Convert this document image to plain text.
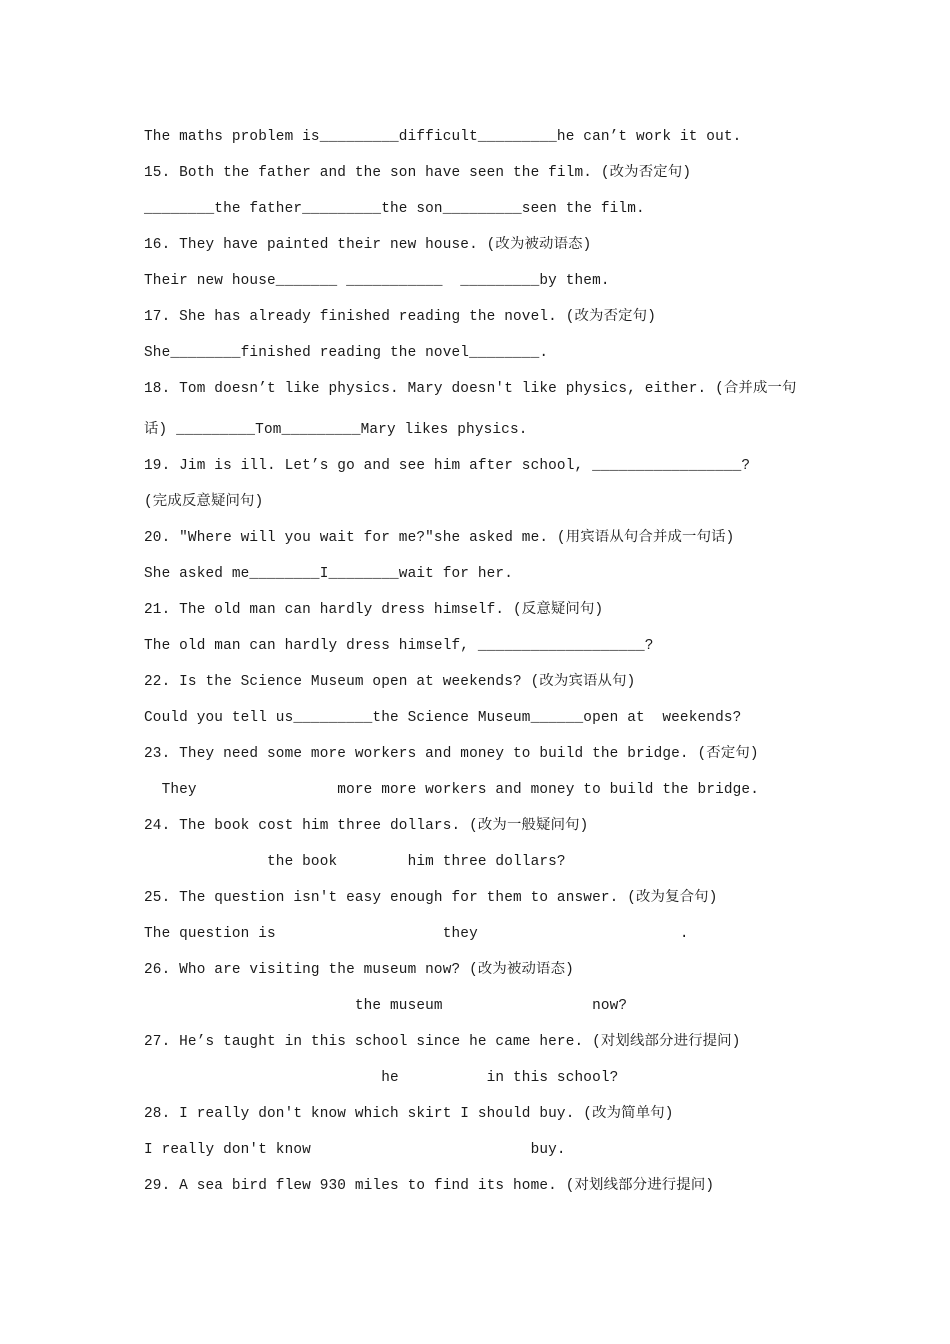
The maths problem is_________difficult_________he can’t work it out.
15. Both the father and the son have seen the film. (改为否定句)
________the father_________the son_________seen the film.
16. They have painted their new house. (改为被动语态)
Their new house_______ ___________  _________by them.
17. She has already finished reading the novel. (改为否定句)
She________finished reading the novel________.
18. Tom doesn’t like physics. Mary doesn't like physics, either. (合并成一句
话) _________Tom_________Mary likes physics.
19. Jim is ill. Let’s go and see him after school, _________________?
(完成反意疑问句)
20. "Where will you wait for me?"she asked me. (用宾语从句合并成一句话)
She asked me________I________wait for her.
21. The old man can hardly dress himself. (反意疑问句)
The old man can hardly dress himself, ___________________?
22. Is the Science Museum open at weekends? (改为宾语从句)
Could you tell us_________the Science Museum______open at  weekends?
23. They need some more workers and money to build the bridge. (否定句)
They                more more workers and money to build the bridge.
24. The book cost him three dollars. (改为一般疑问句)
the book        him three dollars?
25. The question isn't easy enough for them to answer. (改为复合句)
The question is                   they                       .
26. Who are visiting the museum now? (改为被动语态)
the museum                 now?
27. He’s taught in this school since he came here. (对划线部分进行提问)
he          in this school?
28. I really don't know which skirt I should buy. (改为简单句)
I really don't know                         buy.
29. A sea bird flew 930 miles to find its home. (对划线部分进行提问)
